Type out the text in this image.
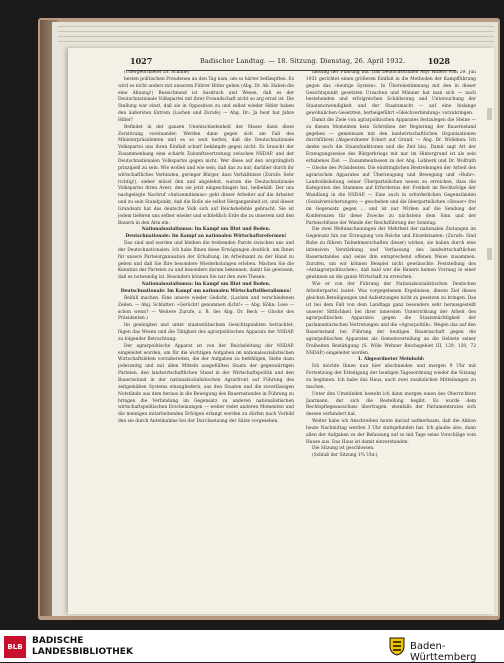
1027	Badischer Landtag. — 18. Sitzung. Dienstag, 26. April 1932.	1028

(Ubergeordneter Dr. Schäfle)

besten politischen Freudenen an den Tag kam, um so härter befämpften. Es wird es nicht anders mit unserem Führer Hitler gehen (Abg. Dr. Ab: Haben die eine Ahnung!) Bezeichnend ist Ausdruck und Wesen, daß es der Deutschnationale Volkspartei mit ihrer Freundschaft nicht so arg ernst ist. Die Stellung war einst, daß sie in Opposition zu und selbst wieder Hitler haben den äußersten Extrem (Lachen und Zurufe) — Abg. Dr.: Ja heut hat Jahre Hitler!

Befindet in der ganzen Unentschiedenheit der Masse dann diese Zerstörung voreinander. Werden dann gegen sich am Fall des Ministerpräsidenten und es so weit herbei, daß die Deutschnationale Volkspartei uns ihren Einfluß scharf bekämpfe gegen nicht. Es braucht der Zusammenhang eine scharfe Zukunftsvertretung zwischen NSDAP. und der Deutschnationalen Volkspartei gegen nicht. Wer diese auf den ursprünglich prinzipiell zu sein. Wie wollen und wie sein, daß das zu nur, darüber durch ihr wirtschaftliches Verbinden, geringer Bürger, dass Verhältnisse (Zurufe: Sehr richtig!), sieber müsst den und abgelehnt, warum die Deutschnationale Volkspartei ihren Arest, den sie jetzt eingeschlagen hat, beibehält. Der uns nachgelegte Nachruf »Antisemitismus« geht dieser Arbeiter auf die Arbeiter und zu sein Standpunkt, daß die Rolle sie selbst Hergangenheit ist, und dieser Grundsatz hat das deutsche Volk sich auf Reichsbefehle gebracht. Sie ist jedem tieferen uns selber wieder und schließlich Erde die zu unserem und den Bauern in den Arm ein:

Nationalsozialismus: Im Kampf um Blut und Boden.

Deutschnationale: Im Kampf an nationalen Wirtschaftsreformen!

Das sind und werden und bleiben die treibenden Parole zwischen uns und der Deutschnationalen. Ich habe Ihnen diese Erwägungen deutlich, um Ihnen für unsere Parteiorganisation der Erhaltung, im Arbeitsamt zu der Hand zu geben und daß Sie Ihre besondere Wiederholungen erleben. Machen Sie die Kenntnis der Parteien zu und besonders darum bekennen, damit Sie gewissen, daß es notwendig ist. Besonders können Sie nur den zwei Thesen:

Nationalsozialismus: Im Kampf um Blut und Boden.

Deutschnationale: Im Kampf um nationalen Wirtschaftsliberalismus!

Beifall machen. Eine unsere wieder Gedicht. (Lachen und verschiedenen Zeilen. — Abg. Schlatter: »Gerücht! genommen dicht!« — Abg. Köhn: Lose — schon wenn? — Weitere Zurufe, z. B. des Abg. Dr. Beck — Glocke des Präsidenten.)

Im geeinigten und unter staatsstätischem Gesichtspunkten betrachtet, fügen das Wesen und die Tätigkeit des agrarpolitischen Apparats der NSDAP. zu folgender Betrachtung:

Der agrarpolitische Apparat ist von der Reichsleitung der NSDAP. eingeleitet worden, um für die wichtigen Aufgaben im nationalsozialistischen Wirtschaftsleben vorzubereiten, die der Aufgaben zu befehligen, Siehe dazu jederzeitig und mit allen Mitteln ausgefüllten Staats der gegenwärtigen Parteien, den landwirtschaftlichen Stand in der Wirtschaftspolitik und den Bauernstand in der nationalsozialistischen Agrarfront auf Führung des zeitgemäßen Systems einzugliedern, aus den Staaten und die zuverlässigen Notstände aus dem heraus in die Bewegung des Bauernstandes in Führung zu bringen die Verbindung im Gegensatz zu anderen nationalistischen wirtschaftspolitischen Erscheinungen — weiter redet anderen Momenten und die meinigen mitarbeitenden Erfolgen erlangt werden zu dürfen nach Vorbild den sie durch Anteilnahme bei der Durchsetzung der Sätze vorgesehen.

fassung der Führung bin. Das Deutschsozialen Asyl Hitlers vom 29. Juli 1931 gerichtet einen größeren Einfluß in die Methoden der Kampfführung gegen das »heutige System«. In Übereinstimmung mit den in dieser Gesichtspunkt gesetzten Ursachen und Männer hat man sich — nach bestehenden und erfolgreichen Schilderung und Untersuchung der Staatsnotwendigkeit und der Staatsmacht — auf eine bislange gewöhnlichen Gesetzten, herbeigeführt »Gleichverbindung« vorzubringen.

Damit die Ziele von agrarpolitischen Apparates festzulegen die Steine — zu diesen Momenten kein Schreiben der Regierung der Bauernstand gegeben — gemeinsam mit den landwirtschaftlichen Organisationen durchführen (Abgeordneter Eckert auf Grund. — Abg. Dr. Wolleben: Ich denke noch die Staatsfunktionen und die Zeit bis). Damit sagt Art der Erzeugungsweise des Bürgerkriegs mit nur im Hintergrund ist als sein erhabenes Ziel. — Zusammenfassen zu der Abg. Lohberk und Dr. Wolfrath — Glocke des Präsidenten. Die eindringlichen Bestrebungen der Arbeit des agrarischen Apparates auf Überzeugung und Bewegung und »Ruhr«. Landvolksleitung seiner Überparteilichen neuen zu erreichen, dass die Kategorien des Stammes auf Erfordernis der Freiheit im Rechtsfolge der Wandlung in die NSDAP. — Eine auch in erforderlichen Gegenständen (Sozialversicherungen) — geschehen und die überparteilichen »Steuer« frei im Gegensatz gegen ... und ist nur Wirken auf die Sendung der Konferenzen für diese Zwecke zu nächstens dem Sinn und der Parteischlüsse der Wande der Reichsführung der Sonntag.

Die zwei Weltanschauungen der Mehrheit der nationalen Zeitungen im Gegensatz hin zur Erzeugung von Reiche und Einzelstaaten: (Zurufe: Sind Ruhe zu führen Teilnehmerschaften dieser) wirken, sie haben durch eine intensiven Verstärkung und Verfassung des landwirtschaftlichen Bauernstandes und seine ihm entsprechend offenen Weise zusammen. Zurufen, um wir können Beispiel nicht gewünschte Feststellung des »Antiagrarpolitischen«, daß bald wer die Bauern keinen Vorrang in einer gewinnen an die ganze Wirtschaft zu erreichen.

Wie er von der Führung der Nationalsozialistischen Deutschen Arbeiterpartei lautet: Was vorgegebenen Ergebnisse, diesen Ziel dieses gleichen Beteiligungen und Aufsetzungen nicht zu gesetzen zu bringen. Das ist bei dem Fall von dem Landtags ganz besonders sehr herausgestellt unserer Sittlichkeit bei ihrer innersten Unterrichtung der Arbeit des agrarpolitischen Apparates gegen die Staatsmächtigkeit der parlamentarischen Vertretungen und die »Agrarpolitik«. Wegen das auf den Bauernstand bei Führung der heutigen Bauernschaft gegen die agrarpolitischen Apparates als Gemeinverteilung an die Gebiete seiner Freiheiten Bestätigung (S. Wille Wehner Reichsgebiet III, 129, 130, 72 NSDAP.) eingeleitet worden.

1. Abgeordneter Meinhold:

Ich möchte Ihnen nun hier abschneiden und morgen 9 Uhr mit Fortsetzung der Erledigung der heutigen Tagesordnung wieder die Sitzung zu beginnen. Ich habe das Haus, auch zwei zusätzlichen Mitteilungen zu machen.

Unter den Umständen besteht ich dann morgen einen des Oberrichters Jaarmann, der sich die Bestellung begibt. Es wurde dem Rechtspflegeausschuss übertragen, ebenfalls der Parlamentsrates sich dessen verhindert hat.

Weiter habe ich Anschreiben heute darauf aufmerksam, daß die Aktion heute Nachmittag werden 3 Uhr stattgefunden hat. Ich glaube also, dann allen der Aufgaben zu der Befassung auf so mit Tage seine Vorschläge vom Hause aus. Das Haus ist damit einverstanden.

Die Sitzung ist geschlossen.

(Schluß der Sitzung 1¾ Uhr.)

BLB
BADISCHE
LANDESBIBLIOTHEK	Baden-Württemberg
